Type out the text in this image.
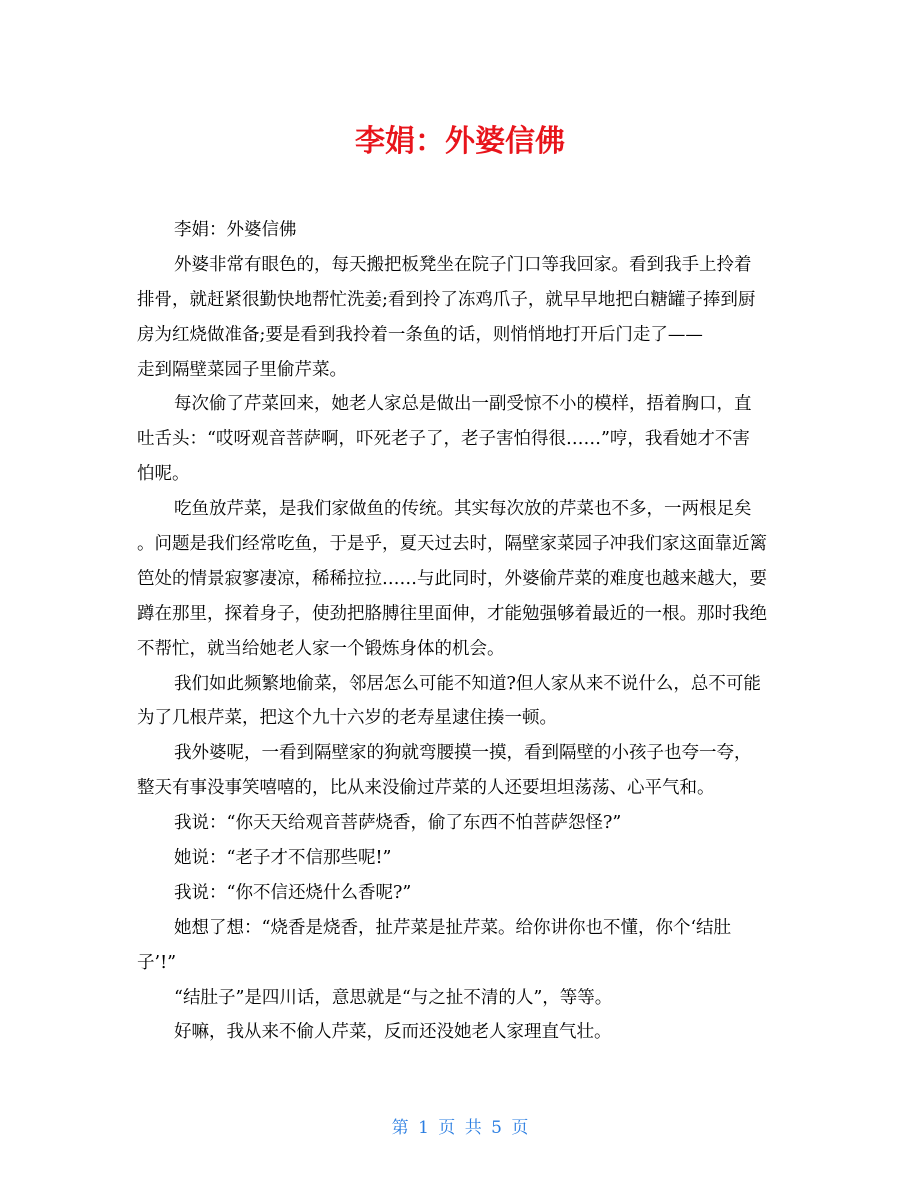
李娟：外婆信佛
李娟：外婆信佛
外婆非常有眼色的，每天搬把板凳坐在院子门口等我回家。看到我手上拎着
排骨，就赶紧很勤快地帮忙洗姜;看到拎了冻鸡爪子，就早早地把白糖罐子捧到厨
房为红烧做准备;要是看到我拎着一条鱼的话，则悄悄地打开后门走了——
走到隔壁菜园子里偷芹菜。
每次偷了芹菜回来，她老人家总是做出一副受惊不小的模样，捂着胸口，直
吐舌头：“哎呀观音菩萨啊，吓死老子了，老子害怕得很……”哼，我看她才不害
怕呢。
吃鱼放芹菜，是我们家做鱼的传统。其实每次放的芹菜也不多，一两根足矣
。问题是我们经常吃鱼，于是乎，夏天过去时，隔壁家菜园子冲我们家这面靠近篱
笆处的情景寂寥凄凉，稀稀拉拉……与此同时，外婆偷芹菜的难度也越来越大，要
蹲在那里，探着身子，使劲把胳膊往里面伸，才能勉强够着最近的一根。那时我绝
不帮忙，就当给她老人家一个锻炼身体的机会。
我们如此频繁地偷菜，邻居怎么可能不知道?但人家从来不说什么，总不可能
为了几根芹菜，把这个九十六岁的老寿星逮住揍一顿。
我外婆呢，一看到隔壁家的狗就弯腰摸一摸，看到隔壁的小孩子也夸一夸，
整天有事没事笑嘻嘻的，比从来没偷过芹菜的人还要坦坦荡荡、心平气和。
我说：“你天天给观音菩萨烧香，偷了东西不怕菩萨怨怪?”
她说：“老子才不信那些呢!”
我说：“你不信还烧什么香呢?”
她想了想：“烧香是烧香，扯芹菜是扯芹菜。给你讲你也不懂，你个‘结肚
子’!”
“结肚子”是四川话，意思就是“与之扯不清的人”，等等。
好嘛，我从来不偷人芹菜，反而还没她老人家理直气壮。
第 1 页 共 5 页
